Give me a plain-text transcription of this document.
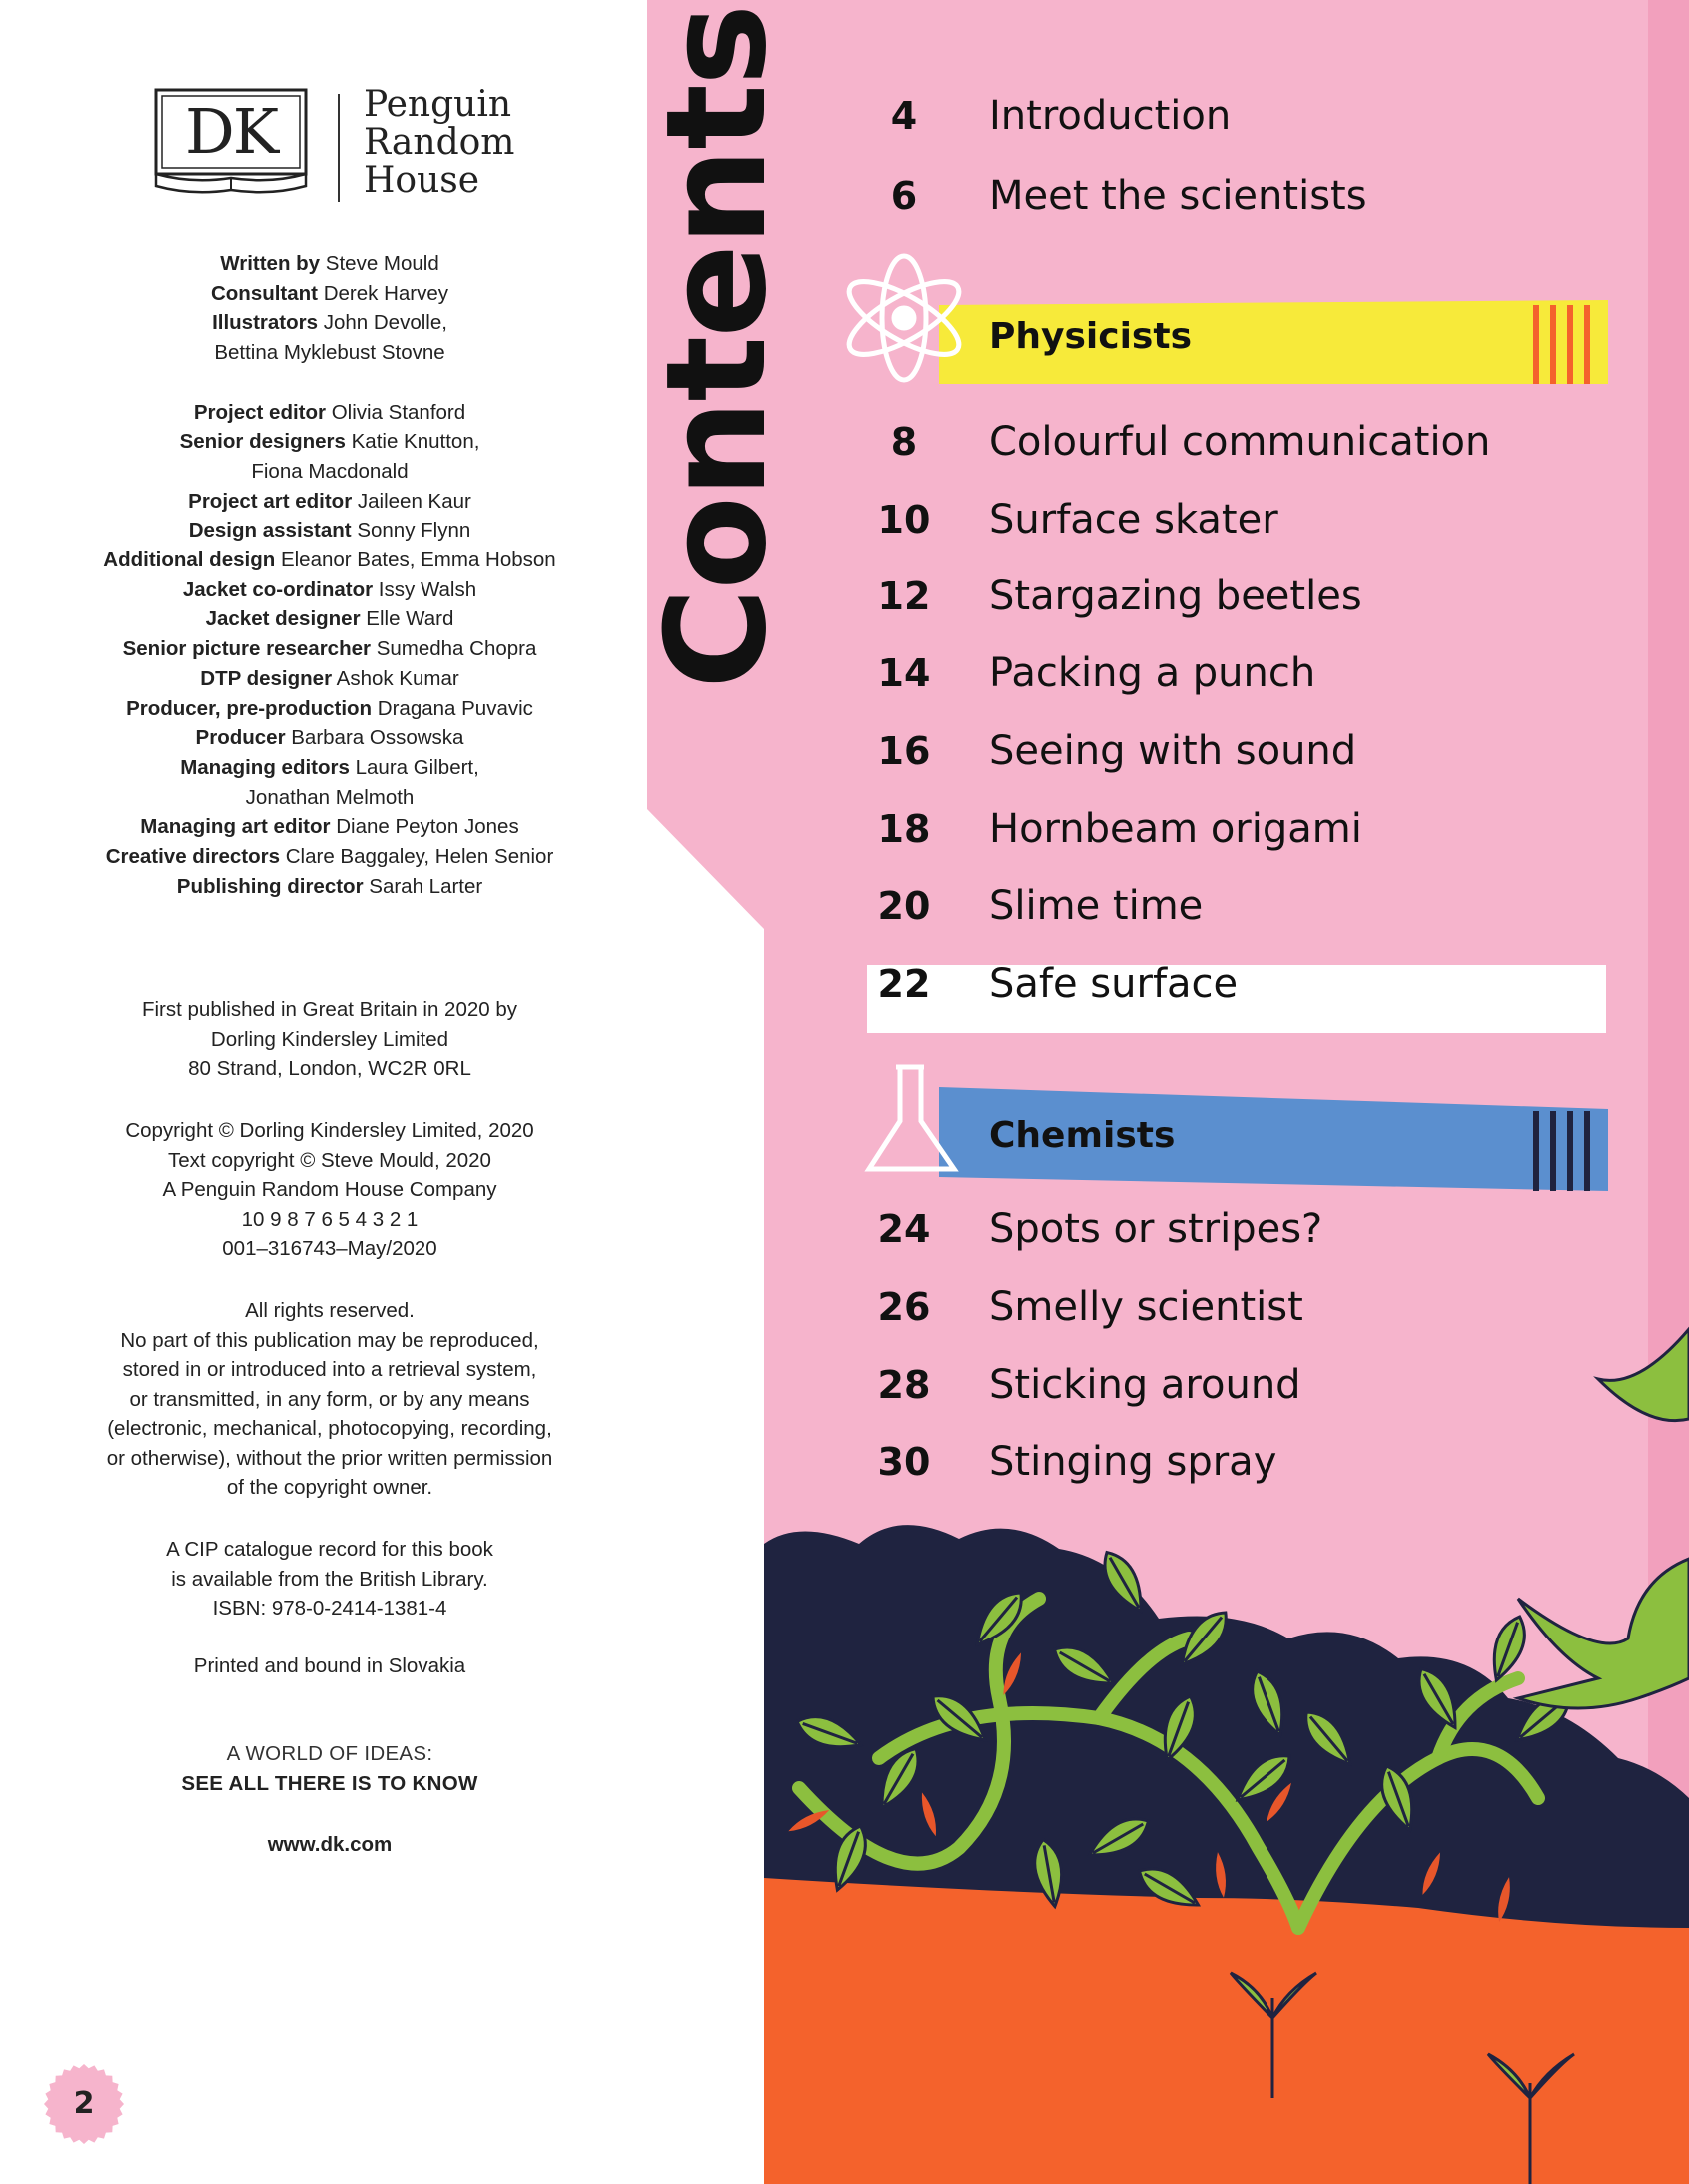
DK	Penguin
Random
House
Written by Steve Mould
Consultant Derek Harvey
Illustrators John Devolle,
Bettina Myklebust Stovne
Project editor Olivia Stanford
Senior designers Katie Knutton,
Fiona Macdonald
Project art editor Jaileen Kaur
Design assistant Sonny Flynn
Additional design Eleanor Bates, Emma Hobson
Jacket co-ordinator Issy Walsh
Jacket designer Elle Ward
Senior picture researcher Sumedha Chopra
DTP designer Ashok Kumar
Producer, pre-production Dragana Puvavic
Producer Barbara Ossowska
Managing editors Laura Gilbert,
Jonathan Melmoth
Managing art editor Diane Peyton Jones
Creative directors Clare Baggaley, Helen Senior
Publishing director Sarah Larter
First published in Great Britain in 2020 by
Dorling Kindersley Limited
80 Strand, London, WC2R 0RL
Copyright © Dorling Kindersley Limited, 2020
Text copyright © Steve Mould, 2020
A Penguin Random House Company
10 9 8 7 6 5 4 3 2 1
001–316743–May/2020
All rights reserved.
No part of this publication may be reproduced,
stored in or introduced into a retrieval system,
or transmitted, in any form, or by any means
(electronic, mechanical, photocopying, recording,
or otherwise), without the prior written permission
of the copyright owner.
A CIP catalogue record for this book
is available from the British Library.
ISBN: 978-0-2414-1381-4
Printed and bound in Slovakia
A WORLD OF IDEAS:
SEE ALL THERE IS TO KNOW
www.dk.com
2
Contents	Physicists
Chemists
4	Introduction
6	Meet the scientists
8	Colourful communication
10	Surface skater
12	Stargazing beetles
14	Packing a punch
16	Seeing with sound
18	Hornbeam origami
20	Slime time
22	Safe surface
24	Spots or stripes?
26	Smelly scientist
28	Sticking around
30	Stinging spray
